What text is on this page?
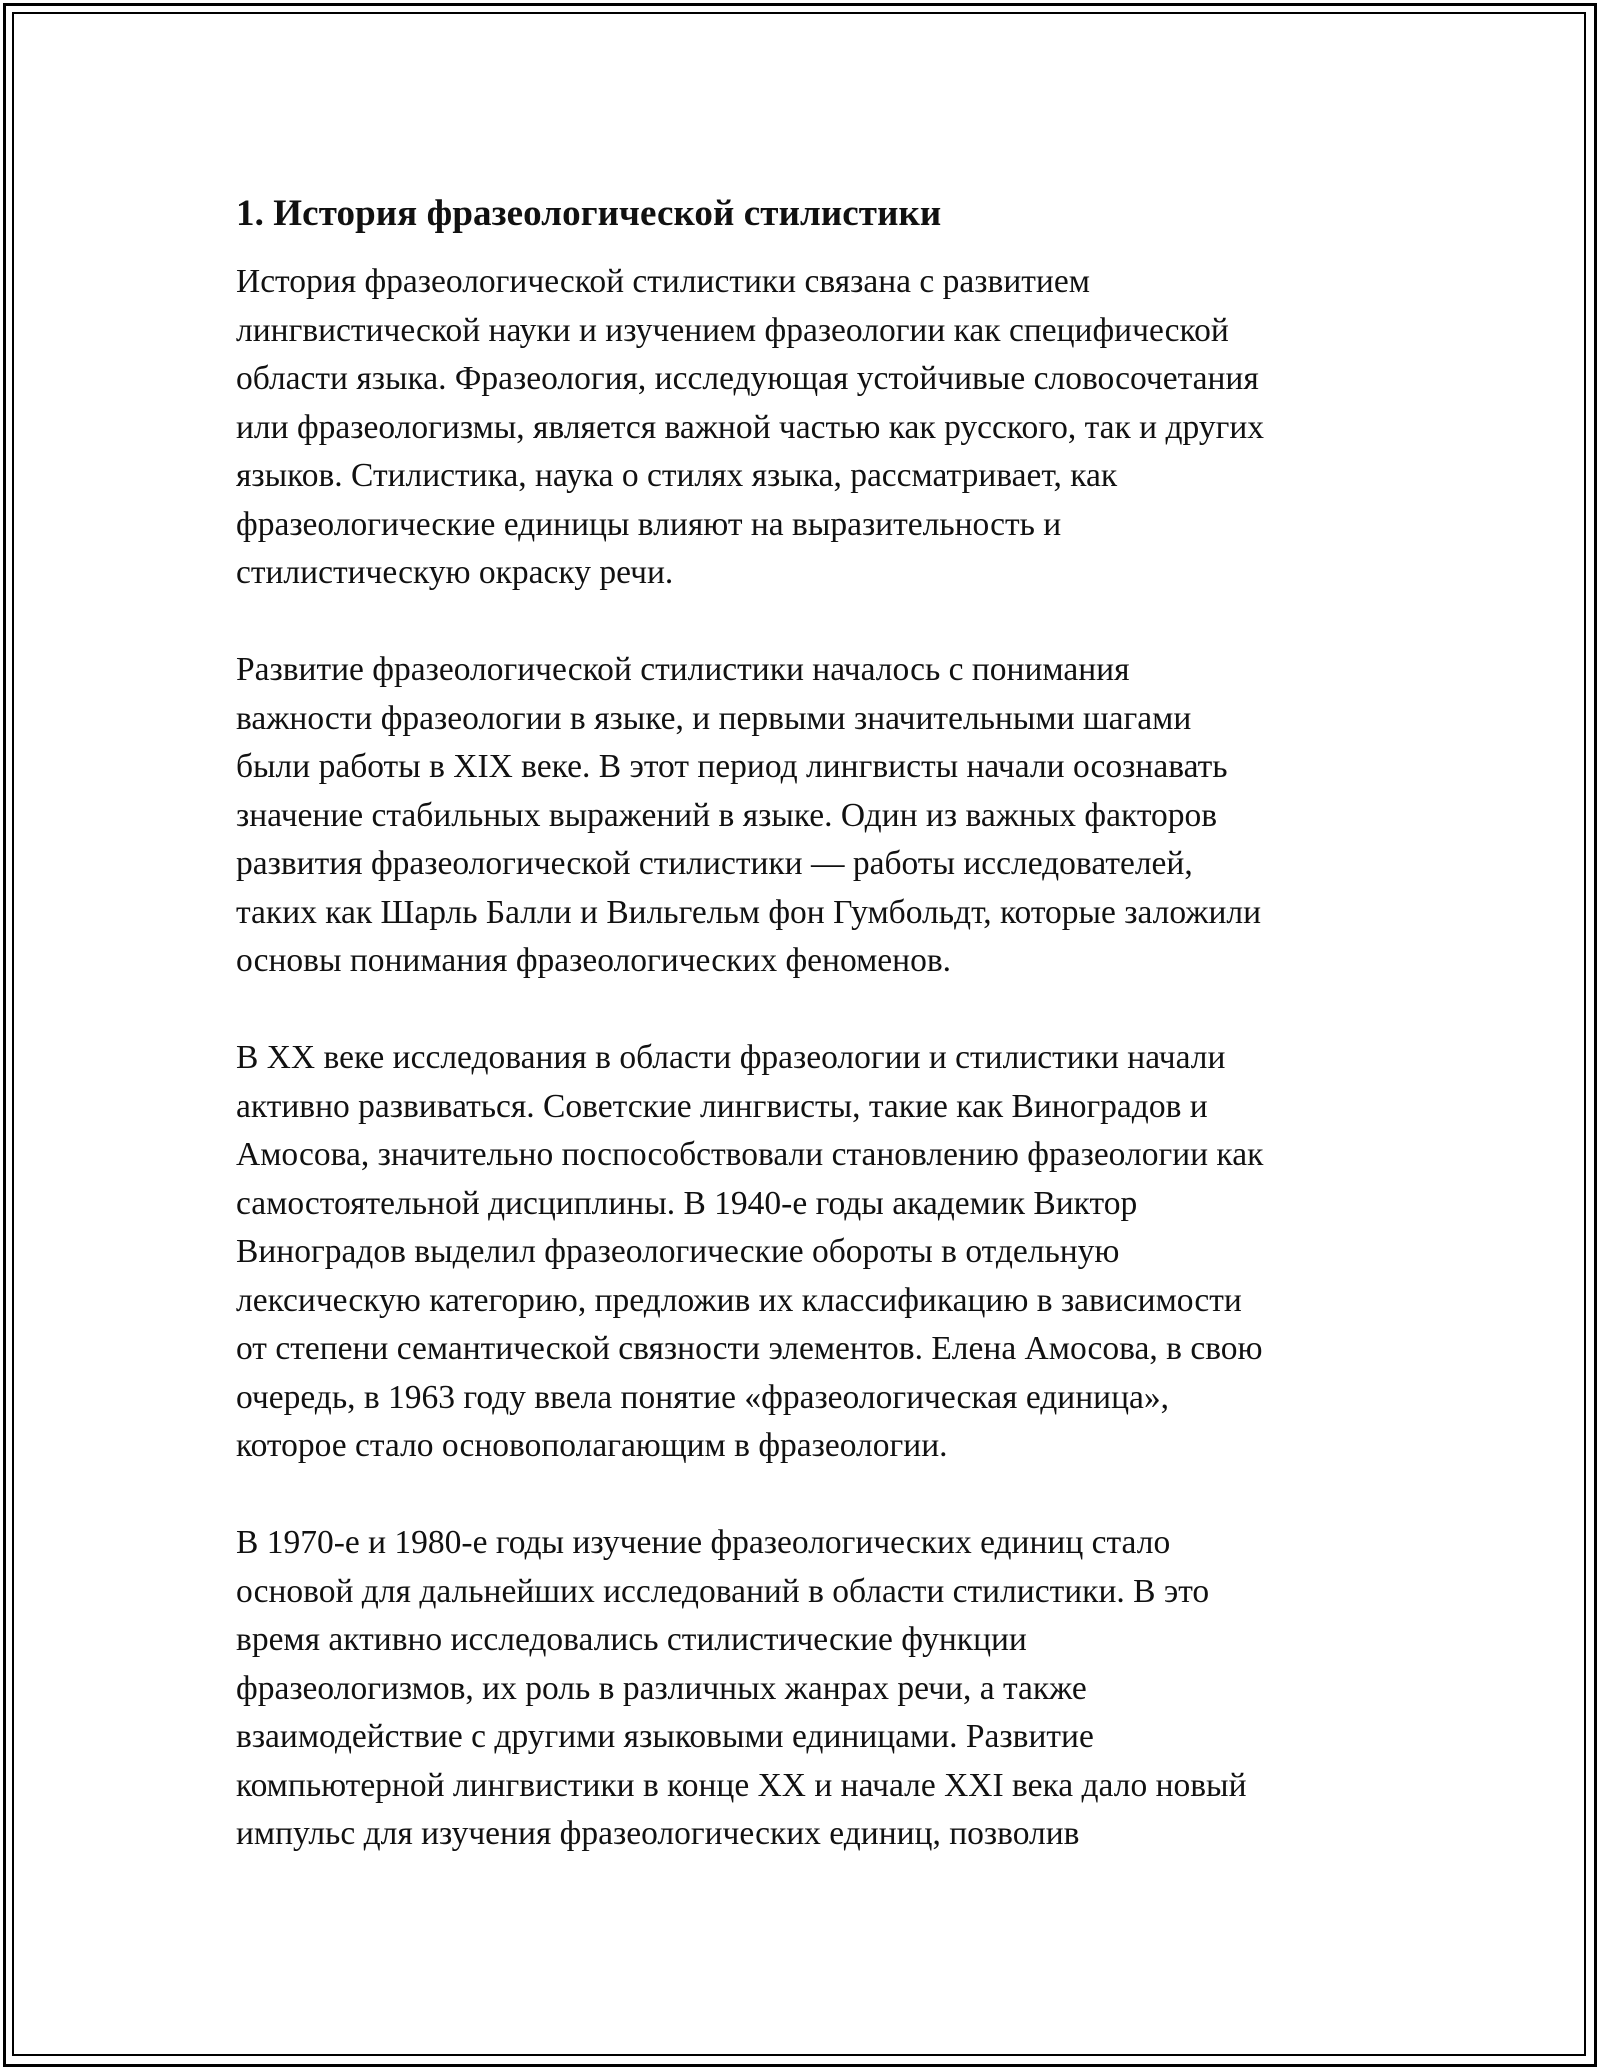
1. История фразеологической стилистики

История фразеологической стилистики связана с развитием
лингвистической науки и изучением фразеологии как специфической
области языка. Фразеология, исследующая устойчивые словосочетания
или фразеологизмы, является важной частью как русского, так и других
языков. Стилистика, наука о стилях языка, рассматривает, как
фразеологические единицы влияют на выразительность и
стилистическую окраску речи.

Развитие фразеологической стилистики началось с понимания
важности фразеологии в языке, и первыми значительными шагами
были работы в XIX веке. В этот период лингвисты начали осознавать
значение стабильных выражений в языке. Один из важных факторов
развития фразеологической стилистики — работы исследователей,
таких как Шарль Балли и Вильгельм фон Гумбольдт, которые заложили
основы понимания фразеологических феноменов.

В XX веке исследования в области фразеологии и стилистики начали
активно развиваться. Советские лингвисты, такие как Виноградов и
Амосова, значительно поспособствовали становлению фразеологии как
самостоятельной дисциплины. В 1940-е годы академик Виктор
Виноградов выделил фразеологические обороты в отдельную
лексическую категорию, предложив их классификацию в зависимости
от степени семантической связности элементов. Елена Амосова, в свою
очередь, в 1963 году ввела понятие «фразеологическая единица»,
которое стало основополагающим в фразеологии.

В 1970-е и 1980-е годы изучение фразеологических единиц стало
основой для дальнейших исследований в области стилистики. В это
время активно исследовались стилистические функции
фразеологизмов, их роль в различных жанрах речи, а также
взаимодействие с другими языковыми единицами. Развитие
компьютерной лингвистики в конце XX и начале XXI века дало новый
импульс для изучения фразеологических единиц, позволив
